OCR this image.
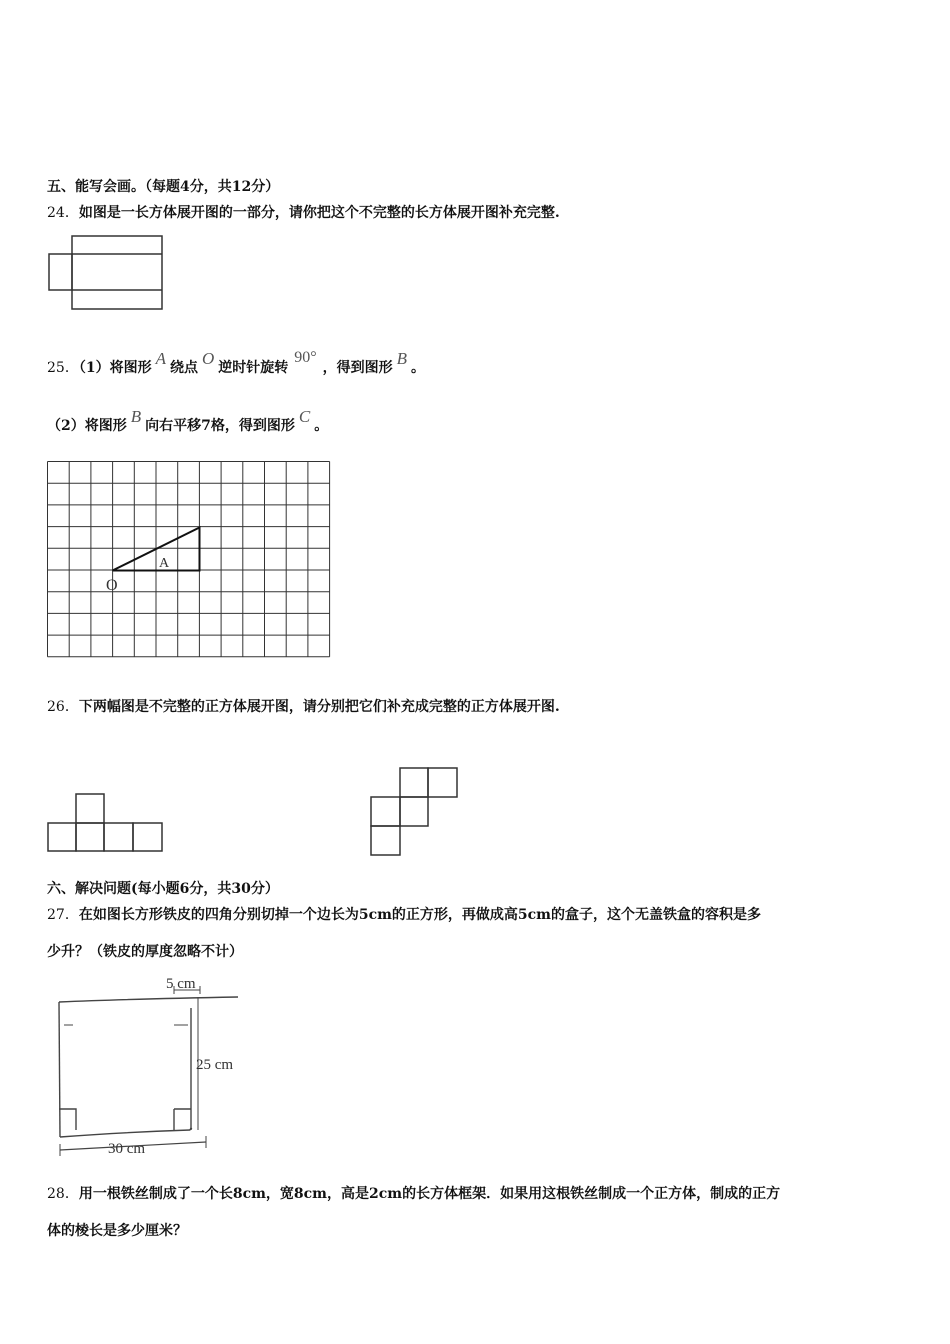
五、能写会画。（每题4分，共12分）
24．如图是一长方体展开图的一部分，请你把这个不完整的长方体展开图补充完整.
25．（1）将图形 A 绕点 O 逆时针旋转90°，得到图形 B 。
（2）将图形 B 向右平移7格，得到图形 C 。
A
O
26．下两幅图是不完整的正方体展开图，请分别把它们补充成完整的正方体展开图.
六、解决问题(每小题6分，共30分）
27．在如图长方形铁皮的四角分别切掉一个边长为5cm的正方形，再做成高5cm的盒子，这个无盖铁盒的容积是多
少升？（铁皮的厚度忽略不计）
5 cm
25 cm
30 cm
28．用一根铁丝制成了一个长8cm，宽8cm，高是2cm的长方体框架．如果用这根铁丝制成一个正方体，制成的正方
体的棱长是多少厘米？
